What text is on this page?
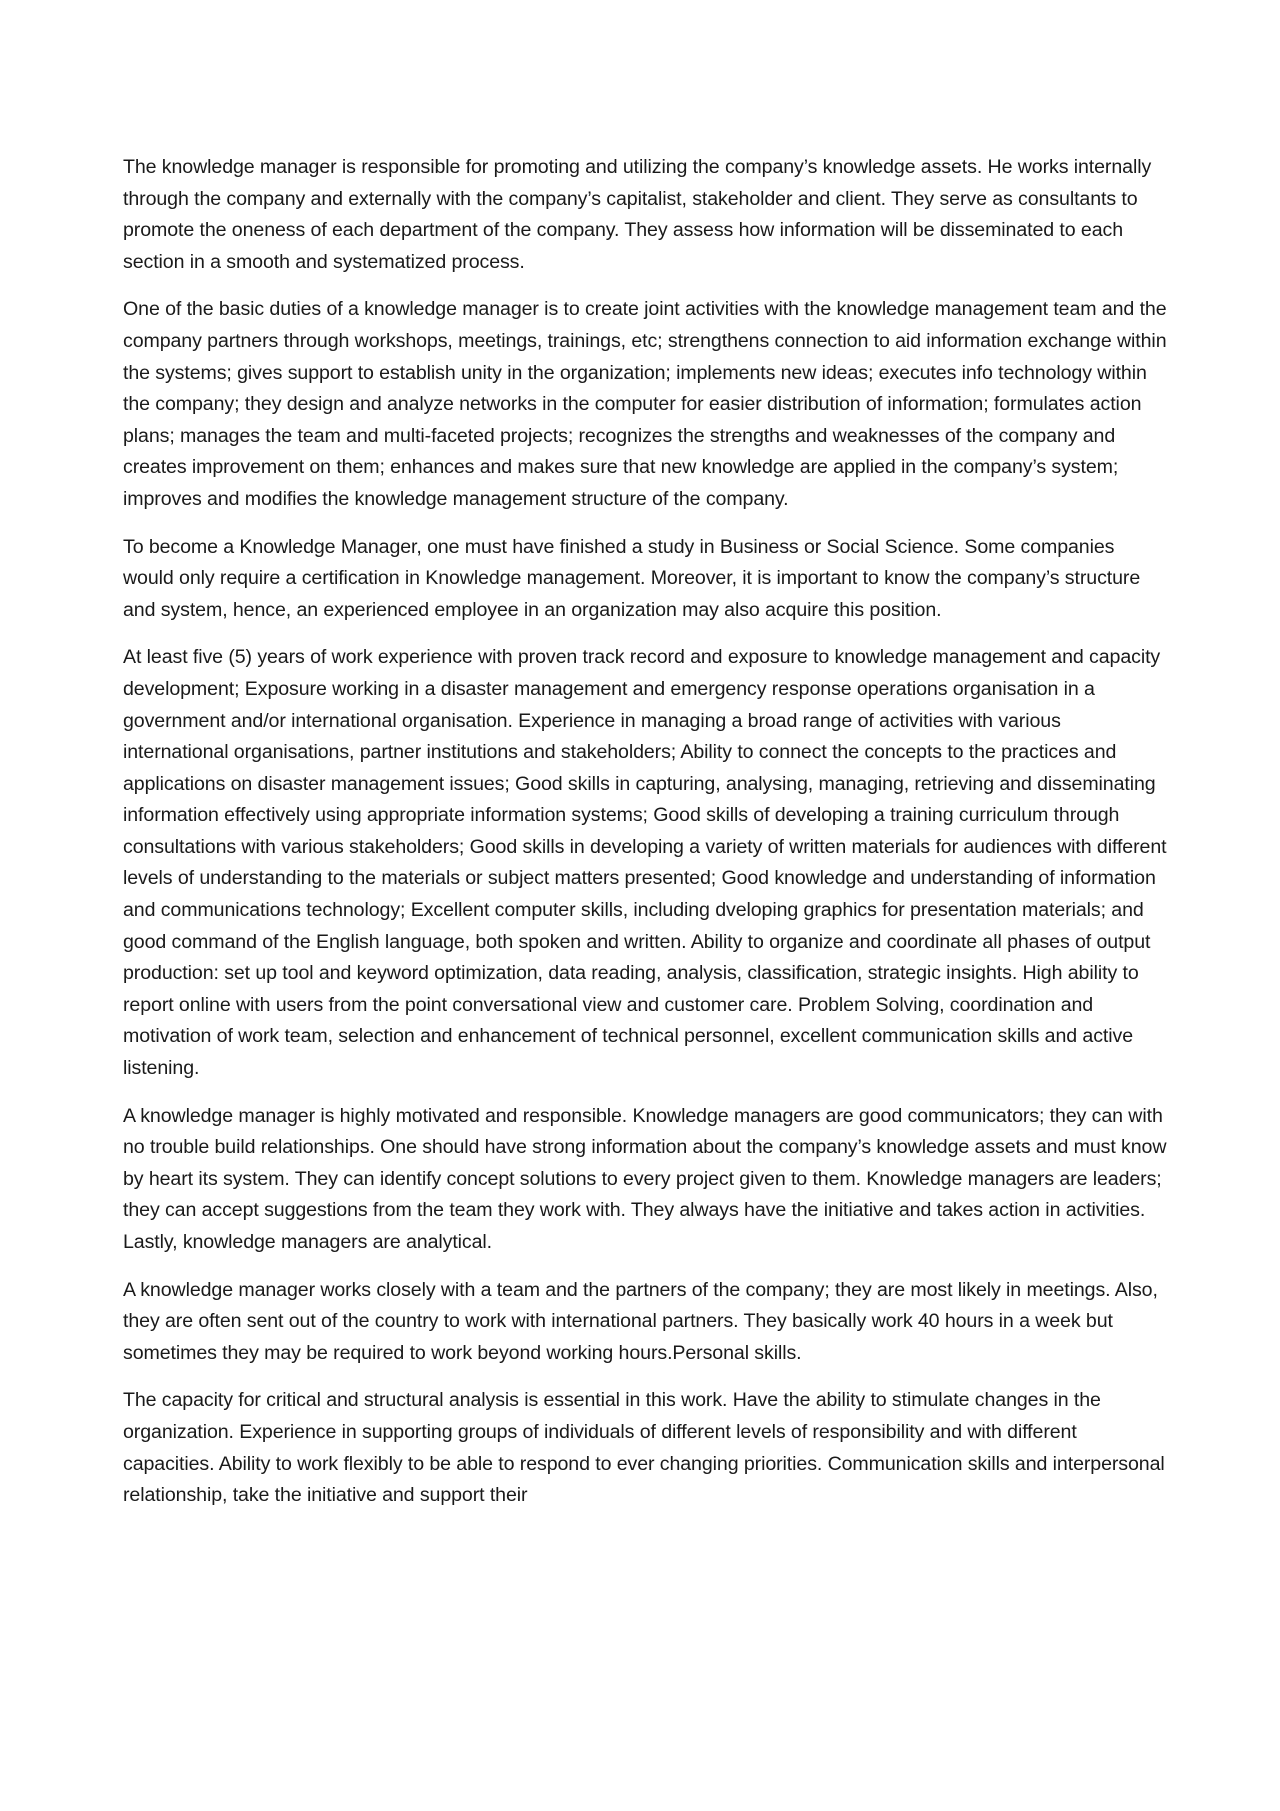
The knowledge manager is responsible for promoting and utilizing the company’s knowledge assets. He works internally through the company and externally with the company’s capitalist, stakeholder and client. They serve as consultants to promote the oneness of each department of the company. They assess how information will be disseminated to each section in a smooth and systematized process.

One of the basic duties of a knowledge manager is to create joint activities with the knowledge management team and the company partners through workshops, meetings, trainings, etc; strengthens connection to aid information exchange within the systems; gives support to establish unity in the organization; implements new ideas; executes info technology within the company; they design and analyze networks in the computer for easier distribution of information; formulates action plans; manages the team and multi-faceted projects; recognizes the strengths and weaknesses of the company and creates improvement on them; enhances and makes sure that new knowledge are applied in the company’s system; improves and modifies the knowledge management structure of the company.

To become a Knowledge Manager, one must have finished a study in Business or Social Science. Some companies would only require a certification in Knowledge management. Moreover, it is important to know the company’s structure and system, hence, an experienced employee in an organization may also acquire this position.

At least five (5) years of work experience with proven track record and exposure to knowledge management and capacity development; Exposure working in a disaster management and emergency response operations organisation in a government and/or international organisation. Experience in managing a broad range of activities with various international organisations, partner institutions and stakeholders; Ability to connect the concepts to the practices and applications on disaster management issues; Good skills in capturing, analysing, managing, retrieving and disseminating information effectively using appropriate information systems; Good skills of developing a training curriculum through consultations with various stakeholders; Good skills in developing a variety of written materials for audiences with different levels of understanding to the materials or subject matters presented; Good knowledge and understanding of information and communications technology; Excellent computer skills, including dveloping graphics for presentation materials; and good command of the English language, both spoken and written. Ability to organize and coordinate all phases of output production: set up tool and keyword optimization, data reading, analysis, classification, strategic insights. High ability to report online with users from the point conversational view and customer care. Problem Solving, coordination and motivation of work team, selection and enhancement of technical personnel, excellent communication skills and active listening.

A knowledge manager is highly motivated and responsible. Knowledge managers are good communicators; they can with no trouble build relationships. One should have strong information about the company’s knowledge assets and must know by heart its system. They can identify concept solutions to every project given to them. Knowledge managers are leaders; they can accept suggestions from the team they work with. They always have the initiative and takes action in activities. Lastly, knowledge managers are analytical.

A knowledge manager works closely with a team and the partners of the company; they are most likely in meetings. Also, they are often sent out of the country to work with international partners. They basically work 40 hours in a week but sometimes they may be required to work beyond working hours.Personal skills.

The capacity for critical and structural analysis is essential in this work. Have the ability to stimulate changes in the organization. Experience in supporting groups of individuals of different levels of responsibility and with different capacities. Ability to work flexibly to be able to respond to ever changing priorities. Communication skills and interpersonal relationship, take the initiative and support their
